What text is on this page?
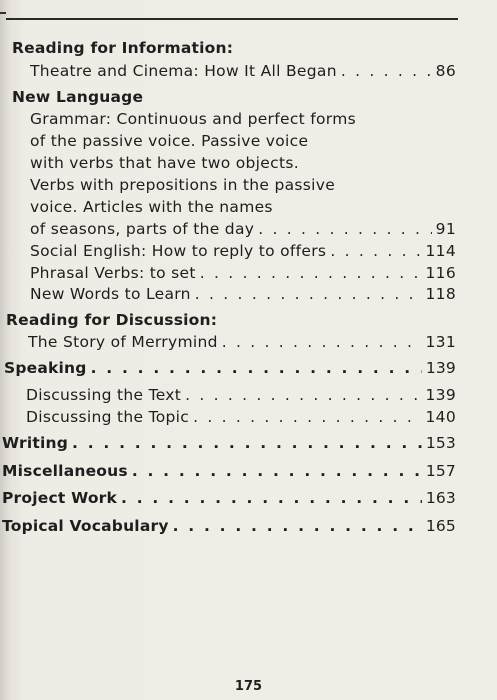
Reading for Information:
Theatre and Cinema: How It All Began . . .	86
New Language
Grammar: Continuous and perfect forms
of the passive voice. Passive voice
with verbs that have two objects.
Verbs with prepositions in the passive
voice. Articles with the names
of seasons, parts of the day . . .	91
Social English: How to reply to offers . . .	114
Phrasal Verbs: to set . . .	116
New Words to Learn . . .	118
Reading for Discussion:
The Story of Merrymind . . .	131
Speaking . . .	139
Discussing the Text . . .	139
Discussing the Topic . . .	140
Writing . . .	153
Miscellaneous . . .	157
Project Work . . .	163
Topical Vocabulary . . .	165
175
